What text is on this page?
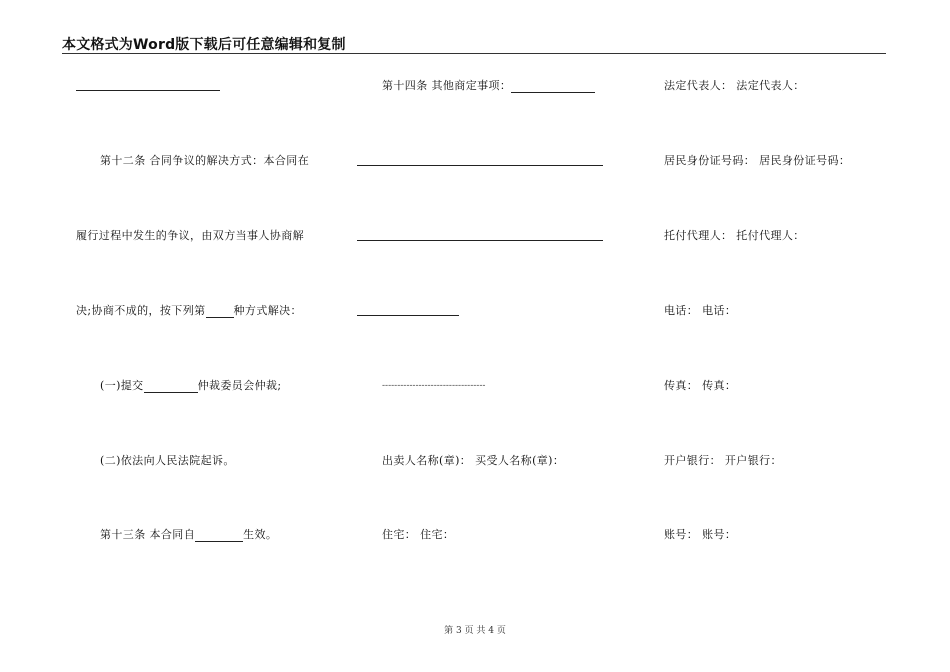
本文格式为Word版下载后可任意编辑和复制
第十二条 合同争议的解决方式：本合同在
履行过程中发生的争议，由双方当事人协商解
决;协商不成的，按下列第	种方式解决：
(一)提交	仲裁委员会仲裁;
(二)依法向人民法院起诉。
第十三条 本合同自	生效。
第十四条 其他商定事项：
----------------------------------
出卖人名称(章)： 买受人名称(章)：
住宅： 住宅：
法定代表人： 法定代表人：
居民身份证号码： 居民身份证号码：
托付代理人： 托付代理人：
电话： 电话：
传真： 传真：
开户银行： 开户银行：
账号： 账号：
第 3 页 共 4 页
